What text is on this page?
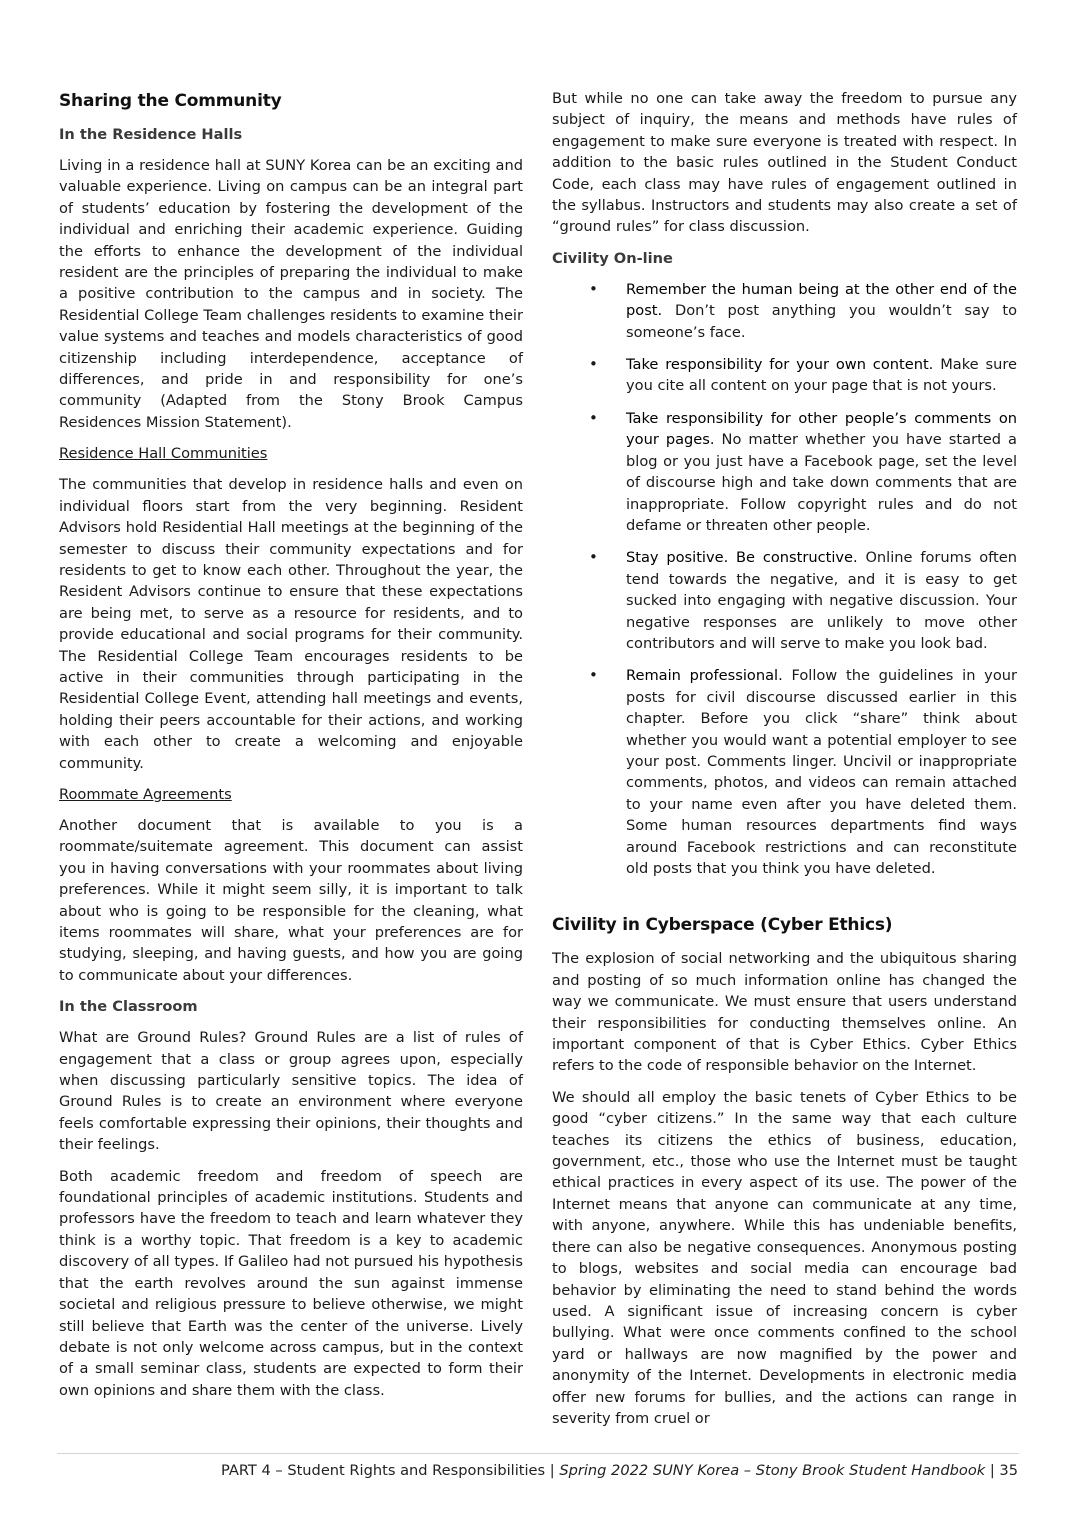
Sharing the Community
In the Residence Halls

Living in a residence hall at SUNY Korea can be an exciting and valuable experience. Living on campus can be an integral part of students’ education by fostering the development of the individual and enriching their academic experience. Guiding the efforts to enhance the development of the individual resident are the principles of preparing the individual to make a positive contribution to the campus and in society. The Residential College Team challenges residents to examine their value systems and teaches and models characteristics of good citizenship including interdependence, acceptance of differences, and pride in and responsibility for one’s community (Adapted from the Stony Brook Campus Residences Mission Statement).

Residence Hall Communities

The communities that develop in residence halls and even on individual floors start from the very beginning. Resident Advisors hold Residential Hall meetings at the beginning of the semester to discuss their community expectations and for residents to get to know each other. Throughout the year, the Resident Advisors continue to ensure that these expectations are being met, to serve as a resource for residents, and to provide educational and social programs for their community. The Residential College Team encourages residents to be active in their communities through participating in the Residential College Event, attending hall meetings and events, holding their peers accountable for their actions, and working with each other to create a welcoming and enjoyable community.

Roommate Agreements

Another document that is available to you is a roommate/suitemate agreement. This document can assist you in having conversations with your roommates about living preferences. While it might seem silly, it is important to talk about who is going to be responsible for the cleaning, what items roommates will share, what your preferences are for studying, sleeping, and having guests, and how you are going to communicate about your differences.

In the Classroom

What are Ground Rules? Ground Rules are a list of rules of engagement that a class or group agrees upon, especially when discussing particularly sensitive topics. The idea of Ground Rules is to create an environment where everyone feels comfortable expressing their opinions, their thoughts and their feelings.

Both academic freedom and freedom of speech are foundational principles of academic institutions. Students and professors have the freedom to teach and learn whatever they think is a worthy topic. That freedom is a key to academic discovery of all types. If Galileo had not pursued his hypothesis that the earth revolves around the sun against immense societal and religious pressure to believe otherwise, we might still believe that Earth was the center of the universe. Lively debate is not only welcome across campus, but in the context of a small seminar class, students are expected to form their own opinions and share them with the class.

But while no one can take away the freedom to pursue any subject of inquiry, the means and methods have rules of engagement to make sure everyone is treated with respect. In addition to the basic rules outlined in the Student Conduct Code, each class may have rules of engagement outlined in the syllabus. Instructors and students may also create a set of “ground rules” for class discussion.

Civility On-line
• Remember the human being at the other end of the post. Don’t post anything you wouldn’t say to someone’s face.
• Take responsibility for your own content. Make sure you cite all content on your page that is not yours.
• Take responsibility for other people’s comments on your pages. No matter whether you have started a blog or you just have a Facebook page, set the level of discourse high and take down comments that are inappropriate. Follow copyright rules and do not defame or threaten other people.
• Stay positive. Be constructive. Online forums often tend towards the negative, and it is easy to get sucked into engaging with negative discussion. Your negative responses are unlikely to move other contributors and will serve to make you look bad.
• Remain professional. Follow the guidelines in your posts for civil discourse discussed earlier in this chapter. Before you click “share” think about whether you would want a potential employer to see your post. Comments linger. Uncivil or inappropriate comments, photos, and videos can remain attached to your name even after you have deleted them. Some human resources departments find ways around Facebook restrictions and can reconstitute old posts that you think you have deleted.
Civility in Cyberspace (Cyber Ethics)

The explosion of social networking and the ubiquitous sharing and posting of so much information online has changed the way we communicate. We must ensure that users understand their responsibilities for conducting themselves online. An important component of that is Cyber Ethics. Cyber Ethics refers to the code of responsible behavior on the Internet.

We should all employ the basic tenets of Cyber Ethics to be good “cyber citizens.” In the same way that each culture teaches its citizens the ethics of business, education, government, etc., those who use the Internet must be taught ethical practices in every aspect of its use. The power of the Internet means that anyone can communicate at any time, with anyone, anywhere. While this has undeniable benefits, there can also be negative consequences. Anonymous posting to blogs, websites and social media can encourage bad behavior by eliminating the need to stand behind the words used. A significant issue of increasing concern is cyber bullying. What were once comments confined to the school yard or hallways are now magnified by the power and anonymity of the Internet. Developments in electronic media offer new forums for bullies, and the actions can range in severity from cruel or

PART 4 – Student Rights and Responsibilities | Spring 2022 SUNY Korea – Stony Brook Student Handbook | 35
